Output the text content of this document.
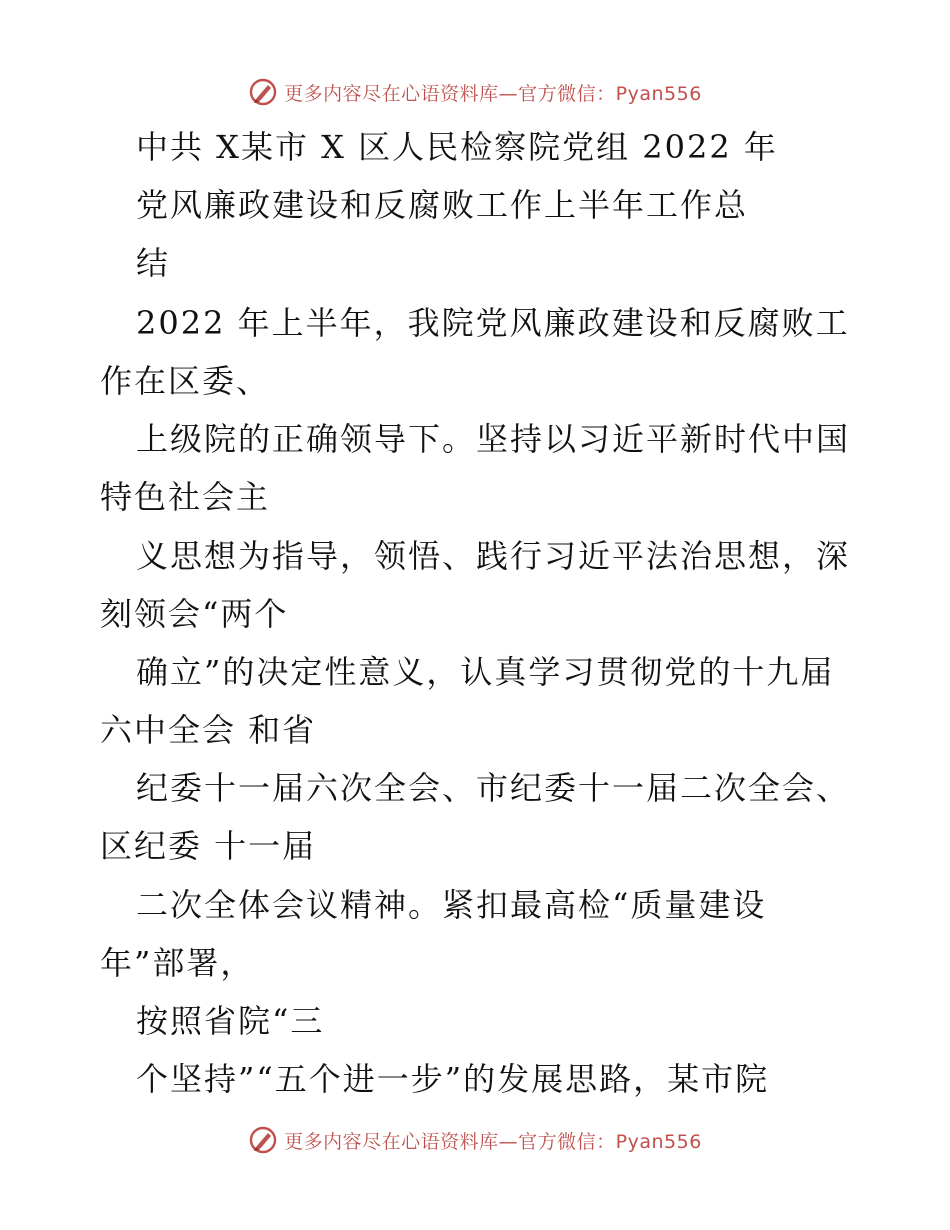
更多内容尽在心语资料库—官方微信：Pyan556
中共 X某市 X 区人民检察院党组 2022 年
党风廉政建设和反腐败工作上半年工作总
结
2022 年上半年，我院党风廉政建设和反腐败工
作在区委、
上级院的正确领导下。坚持以习近平新时代中国
特色社会主
义思想为指导，领悟、践行习近平法治思想，深
刻领会“两个
确立”的决定性意义，认真学习贯彻党的十九届
六中全会 和省
纪委十一届六次全会、市纪委十一届二次全会、
区纪委 十一届
二次全体会议精神。紧扣最高检“质量建设
年”部署，
按照省院“三
个坚持”“五个进一步”的发展思路，某市院
更多内容尽在心语资料库—官方微信：Pyan556
